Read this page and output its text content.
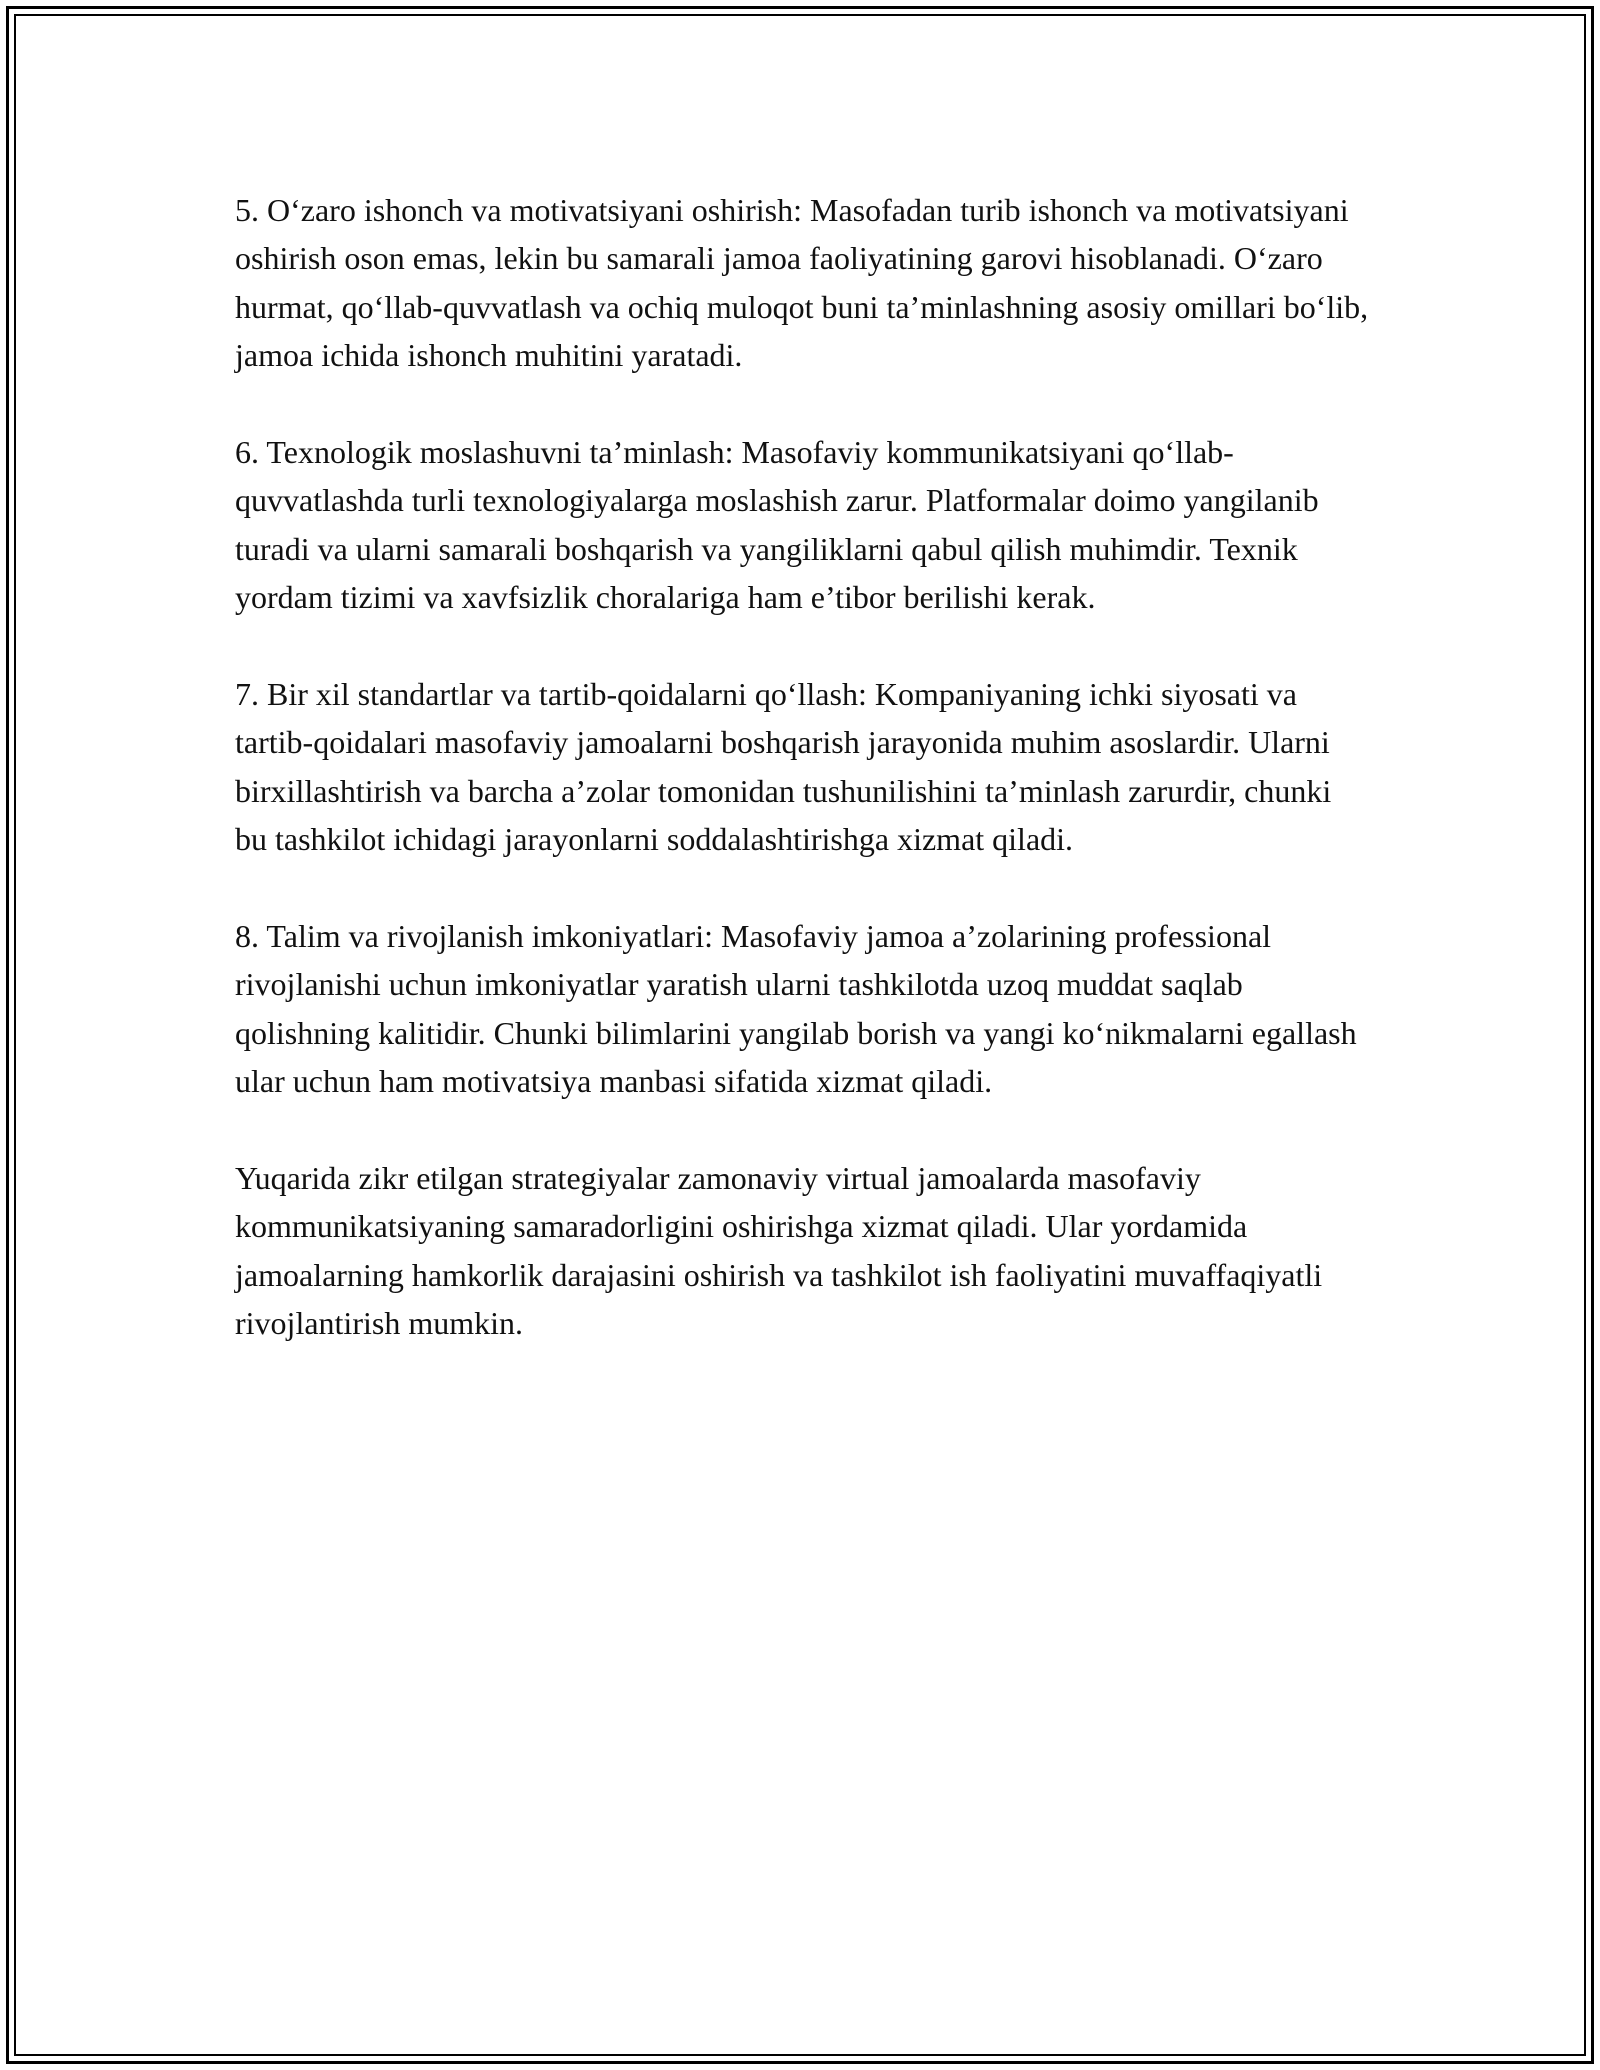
5. O‘zaro ishonch va motivatsiyani oshirish: Masofadan turib ishonch va motivatsiyani oshirish oson emas, lekin bu samarali jamoa faoliyatining garovi hisoblanadi. O‘zaro hurmat, qo‘llab-quvvatlash va ochiq muloqot buni ta’minlashning asosiy omillari bo‘lib, jamoa ichida ishonch muhitini yaratadi.

6. Texnologik moslashuvni ta’minlash: Masofaviy kommunikatsiyani qo‘llab-quvvatlashda turli texnologiyalarga moslashish zarur. Platformalar doimo yangilanib turadi va ularni samarali boshqarish va yangiliklarni qabul qilish muhimdir. Texnik yordam tizimi va xavfsizlik choralariga ham e’tibor berilishi kerak.

7. Bir xil standartlar va tartib-qoidalarni qo‘llash: Kompaniyaning ichki siyosati va tartib-qoidalari masofaviy jamoalarni boshqarish jarayonida muhim asoslardir. Ularni birxillashtirish va barcha a’zolar tomonidan tushunilishini ta’minlash zarurdir, chunki bu tashkilot ichidagi jarayonlarni soddalashtirishga xizmat qiladi.

8. Talim va rivojlanish imkoniyatlari: Masofaviy jamoa a’zolarining professional rivojlanishi uchun imkoniyatlar yaratish ularni tashkilotda uzoq muddat saqlab qolishning kalitidir. Chunki bilimlarini yangilab borish va yangi ko‘nikmalarni egallash ular uchun ham motivatsiya manbasi sifatida xizmat qiladi.

Yuqarida zikr etilgan strategiyalar zamonaviy virtual jamoalarda masofaviy kommunikatsiyaning samaradorligini oshirishga xizmat qiladi. Ular yordamida jamoalarning hamkorlik darajasini oshirish va tashkilot ish faoliyatini muvaffaqiyatli rivojlantirish mumkin.
